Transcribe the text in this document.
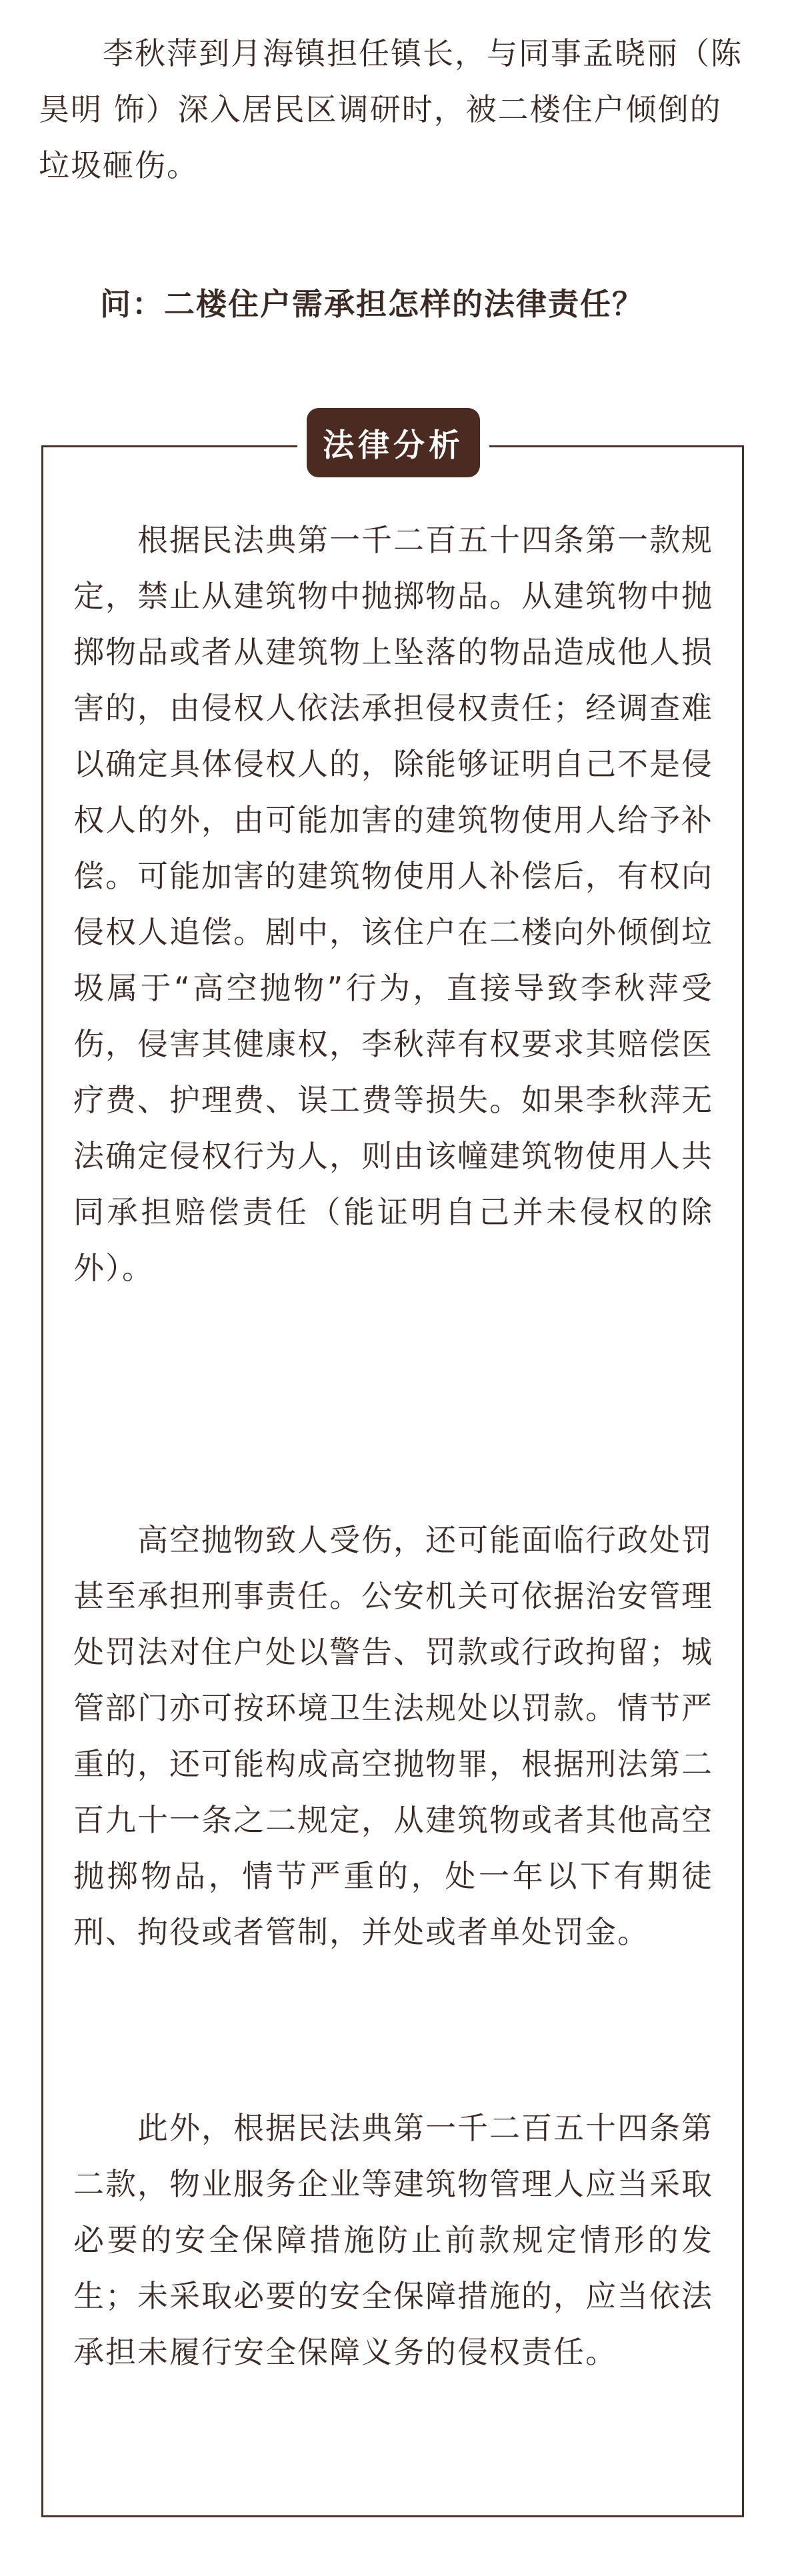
李秋萍到月海镇担任镇长，与同事孟晓丽（陈昊明 饰）深入居民区调研时，被二楼住户倾倒的垃圾砸伤。

问：二楼住户需承担怎样的法律责任？

法律分析

根据民法典第一千二百五十四条第一款规定，禁止从建筑物中抛掷物品。从建筑物中抛掷物品或者从建筑物上坠落的物品造成他人损害的，由侵权人依法承担侵权责任；经调查难以确定具体侵权人的，除能够证明自己不是侵权人的外，由可能加害的建筑物使用人给予补偿。可能加害的建筑物使用人补偿后，有权向侵权人追偿。剧中，该住户在二楼向外倾倒垃圾属于“高空抛物”行为，直接导致李秋萍受伤，侵害其健康权，李秋萍有权要求其赔偿医疗费、护理费、误工费等损失。如果李秋萍无法确定侵权行为人，则由该幢建筑物使用人共同承担赔偿责任（能证明自己并未侵权的除外）。

高空抛物致人受伤，还可能面临行政处罚甚至承担刑事责任。公安机关可依据治安管理处罚法对住户处以警告、罚款或行政拘留；城管部门亦可按环境卫生法规处以罚款。情节严重的，还可能构成高空抛物罪，根据刑法第二百九十一条之二规定，从建筑物或者其他高空抛掷物品，情节严重的，处一年以下有期徒刑、拘役或者管制，并处或者单处罚金。

此外，根据民法典第一千二百五十四条第二款，物业服务企业等建筑物管理人应当采取必要的安全保障措施防止前款规定情形的发生；未采取必要的安全保障措施的，应当依法承担未履行安全保障义务的侵权责任。
